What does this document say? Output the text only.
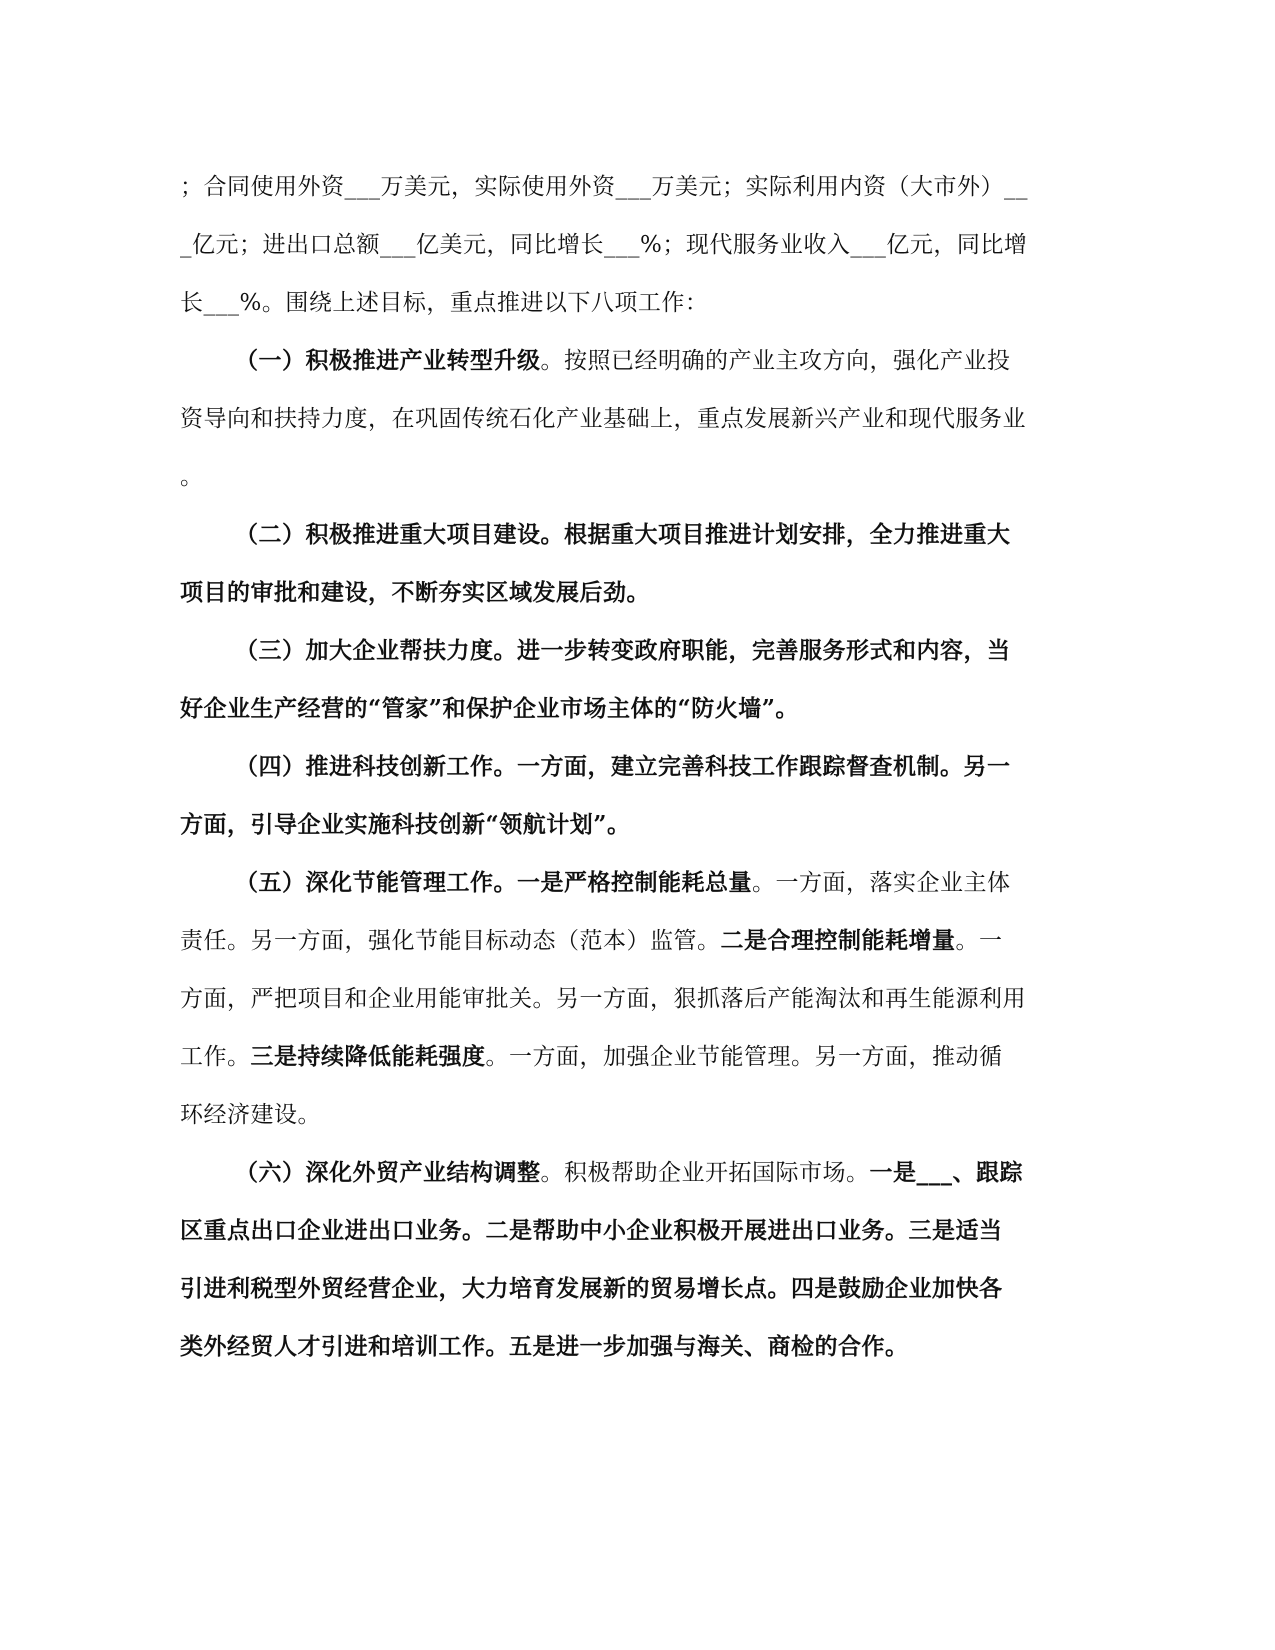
；合同使用外资___万美元，实际使用外资___万美元；实际利用内资（大市外）__
_亿元；进出口总额___亿美元，同比增长___%；现代服务业收入___亿元，同比增
长___%。围绕上述目标，重点推进以下八项工作：
（一）积极推进产业转型升级。按照已经明确的产业主攻方向，强化产业投
资导向和扶持力度，在巩固传统石化产业基础上，重点发展新兴产业和现代服务业
。
（二）积极推进重大项目建设。根据重大项目推进计划安排，全力推进重大
项目的审批和建设，不断夯实区域发展后劲。
（三）加大企业帮扶力度。进一步转变政府职能，完善服务形式和内容，当
好企业生产经营的“管家”和保护企业市场主体的“防火墙”。
（四）推进科技创新工作。一方面，建立完善科技工作跟踪督查机制。另一
方面，引导企业实施科技创新“领航计划”。
（五）深化节能管理工作。一是严格控制能耗总量。一方面，落实企业主体
责任。另一方面，强化节能目标动态（范本）监管。二是合理控制能耗增量。一
方面，严把项目和企业用能审批关。另一方面，狠抓落后产能淘汰和再生能源利用
工作。三是持续降低能耗强度。一方面，加强企业节能管理。另一方面，推动循
环经济建设。
（六）深化外贸产业结构调整。积极帮助企业开拓国际市场。一是___、跟踪
区重点出口企业进出口业务。二是帮助中小企业积极开展进出口业务。三是适当
引进利税型外贸经营企业，大力培育发展新的贸易增长点。四是鼓励企业加快各
类外经贸人才引进和培训工作。五是进一步加强与海关、商检的合作。
